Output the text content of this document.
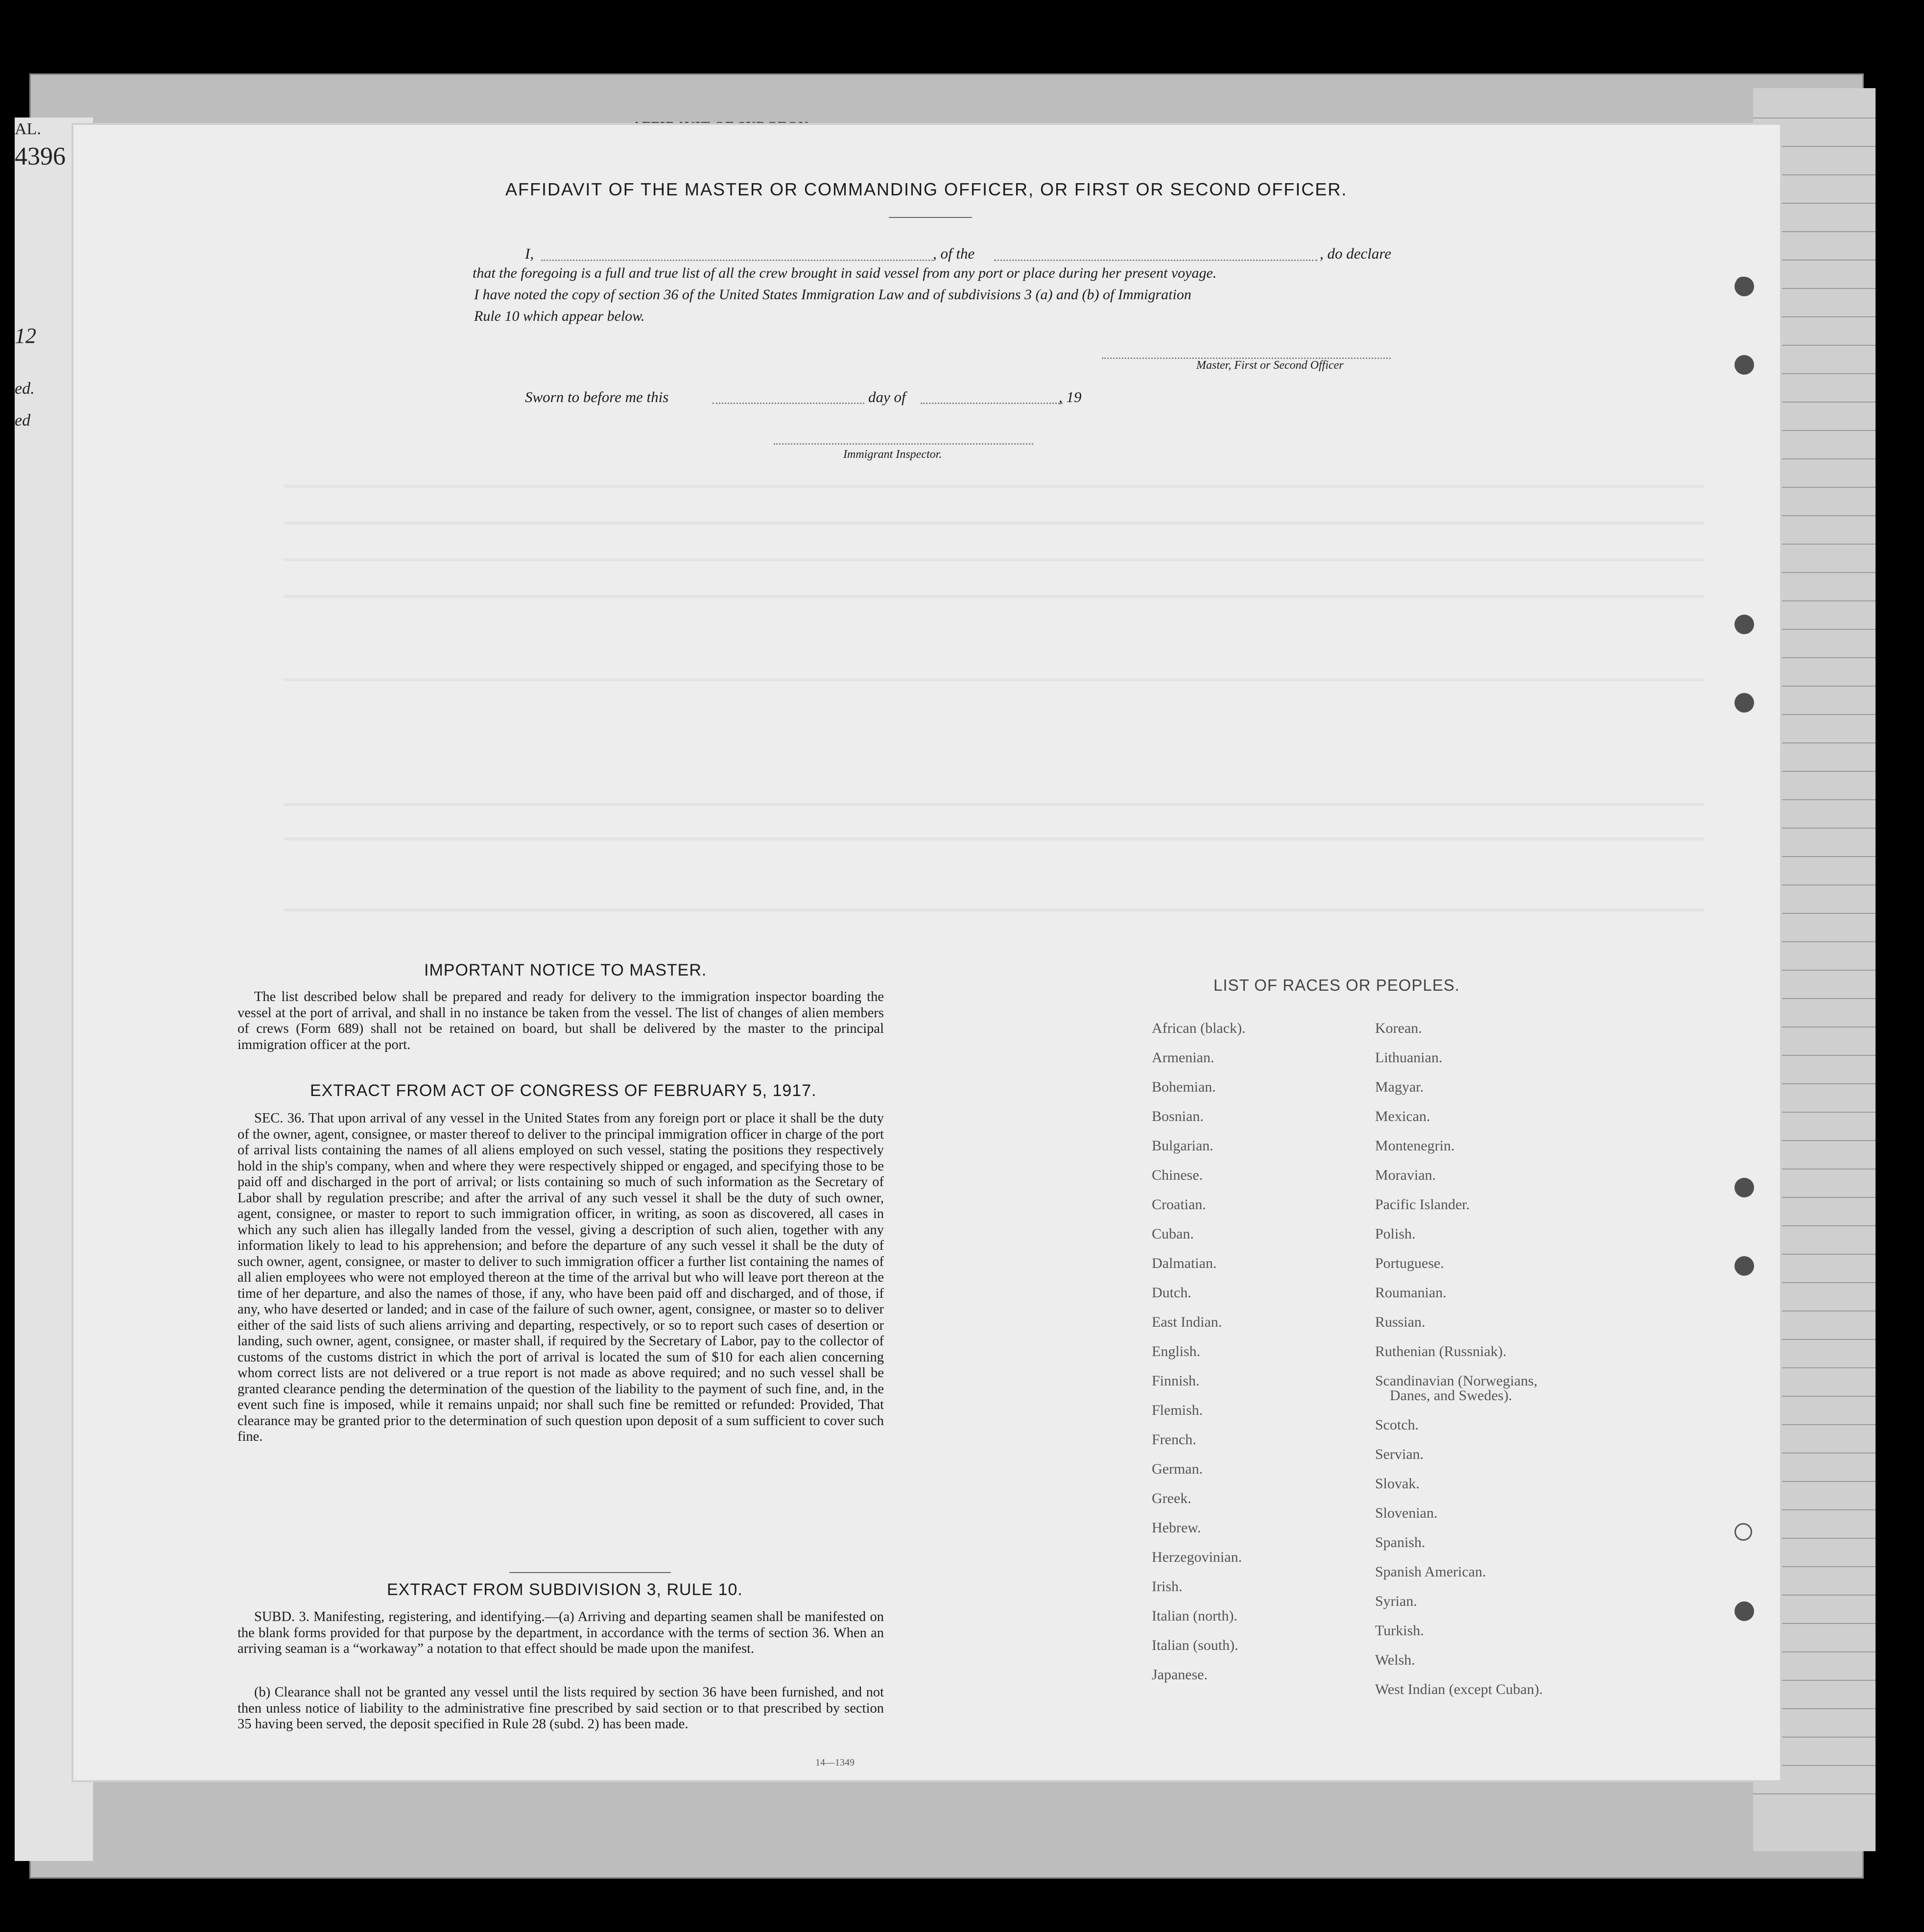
AL.
4396
12
ed.
ed
AFFIDAVIT OF THE MASTER OR COMMANDING OFFICER, OR FIRST OR SECOND OFFICER.
I,	, of the	, do declare
that the foregoing is a full and true list of all the crew brought in said vessel from any port or place during her present voyage.
I have noted the copy of section 36 of the United States Immigration Law and of subdivisions 3 (a) and (b) of Immigration
Rule 10 which appear below.
Master, First or Second Officer
Sworn to before me this	day of	, 19
Immigrant Inspector.
IMPORTANT NOTICE TO MASTER.

The list described below shall be prepared and ready for delivery to the immigration inspector boarding the vessel at the port of arrival, and shall in no instance be taken from the vessel. The list of changes of alien members of crews (Form 689) shall not be retained on board, but shall be delivered by the master to the principal immigration officer at the port.

EXTRACT FROM ACT OF CONGRESS OF FEBRUARY 5, 1917.

SEC. 36. That upon arrival of any vessel in the United States from any foreign port or place it shall be the duty of the owner, agent, consignee, or master thereof to deliver to the principal immigration officer in charge of the port of arrival lists containing the names of all aliens employed on such vessel, stating the positions they respectively hold in the ship's company, when and where they were respectively shipped or engaged, and specifying those to be paid off and discharged in the port of arrival; or lists containing so much of such information as the Secretary of Labor shall by regulation prescribe; and after the arrival of any such vessel it shall be the duty of such owner, agent, consignee, or master to report to such immigration officer, in writing, as soon as discovered, all cases in which any such alien has illegally landed from the vessel, giving a description of such alien, together with any information likely to lead to his apprehension; and before the departure of any such vessel it shall be the duty of such owner, agent, consignee, or master to deliver to such immigration officer a further list containing the names of all alien employees who were not employed thereon at the time of the arrival but who will leave port thereon at the time of her departure, and also the names of those, if any, who have been paid off and discharged, and of those, if any, who have deserted or landed; and in case of the failure of such owner, agent, consignee, or master so to deliver either of the said lists of such aliens arriving and departing, respectively, or so to report such cases of desertion or landing, such owner, agent, consignee, or master shall, if required by the Secretary of Labor, pay to the collector of customs of the customs district in which the port of arrival is located the sum of $10 for each alien concerning whom correct lists are not delivered or a true report is not made as above required; and no such vessel shall be granted clearance pending the determination of the question of the liability to the payment of such fine, and, in the event such fine is imposed, while it remains unpaid; nor shall such fine be remitted or refunded: Provided, That clearance may be granted prior to the determination of such question upon deposit of a sum sufficient to cover such fine.

EXTRACT FROM SUBDIVISION 3, RULE 10.

SUBD. 3. Manifesting, registering, and identifying.—(a) Arriving and departing seamen shall be manifested on the blank forms provided for that purpose by the department, in accordance with the terms of section 36. When an arriving seaman is a “workaway” a notation to that effect should be made upon the manifest.

(b) Clearance shall not be granted any vessel until the lists required by section 36 have been furnished, and not then unless notice of liability to the administrative fine prescribed by said section or to that prescribed by section 35 having been served, the deposit specified in Rule 28 (subd. 2) has been made.

14—1349
LIST OF RACES OR PEOPLES.
African (black).
Armenian.
Bohemian.
Bosnian.
Bulgarian.
Chinese.
Croatian.
Cuban.
Dalmatian.
Dutch.
East Indian.
English.
Finnish.
Flemish.
French.
German.
Greek.
Hebrew.
Herzegovinian.
Irish.
Italian (north).
Italian (south).
Japanese.
Korean.
Lithuanian.
Magyar.
Mexican.
Montenegrin.
Moravian.
Pacific Islander.
Polish.
Portuguese.
Roumanian.
Russian.
Ruthenian (Russniak).
Scandinavian (Norwegians,
Danes, and Swedes).
Scotch.
Servian.
Slovak.
Slovenian.
Spanish.
Spanish American.
Syrian.
Turkish.
Welsh.
West Indian (except Cuban).
